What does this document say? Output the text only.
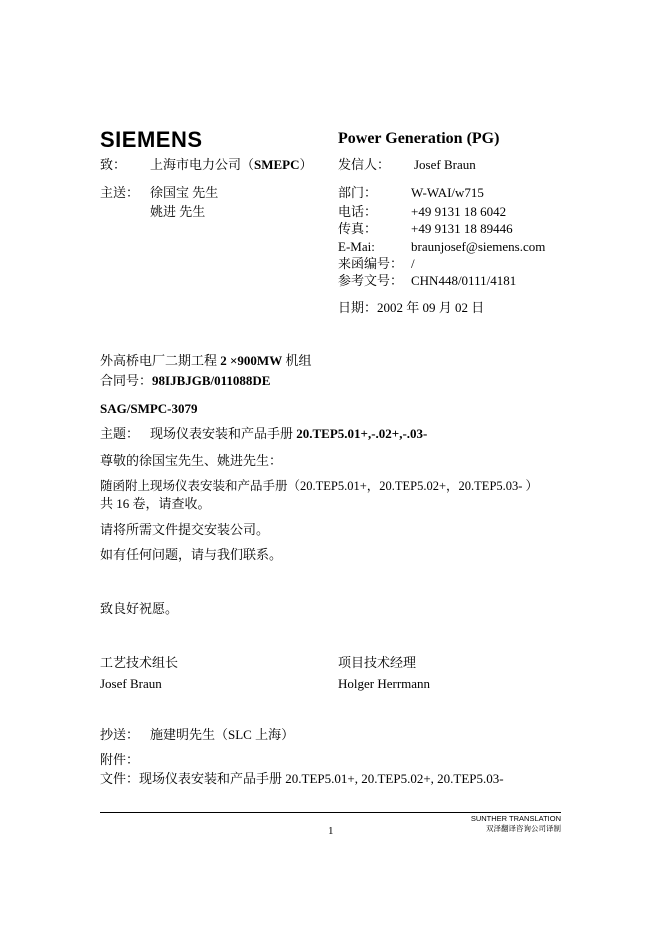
SIEMENS	Power Generation (PG)
致： 上海市电力公司（SMEPC） 发信人： Josef Braun
主送： 徐国宝 先生
姚进 先生
部门：	W-WAI/w715
电话：	+49 9131 18 6042
传真：	+49 9131 18 89446
E-Mai:	braunjosef@siemens.com
来函编号： /
参考文号： CHN448/0111/4181
日期：2002 年 09 月 02 日
外高桥电厂二期工程 2 ×900MW 机组
合同号：98IJBJGB/011088DE
SAG/SMPC-3079
主题： 现场仪表安装和产品手册 20.TEP5.01+,-.02+,-.03-
尊敬的徐国宝先生、姚进先生：
随函附上现场仪表安装和产品手册（20.TEP5.01+，20.TEP5.02+，20.TEP5.03- ）
共 16 卷，请查收。
请将所需文件提交安装公司。
如有任何问题，请与我们联系。
致良好祝愿。
工艺技术组长
Josef Braun
项目技术经理
Holger Herrmann
抄送： 施建明先生（SLC 上海）
附件：
文件：现场仪表安装和产品手册 20.TEP5.01+, 20.TEP5.02+, 20.TEP5.03-
1
SUNTHER TRANSLATION
双泽翻译咨询公司译制
